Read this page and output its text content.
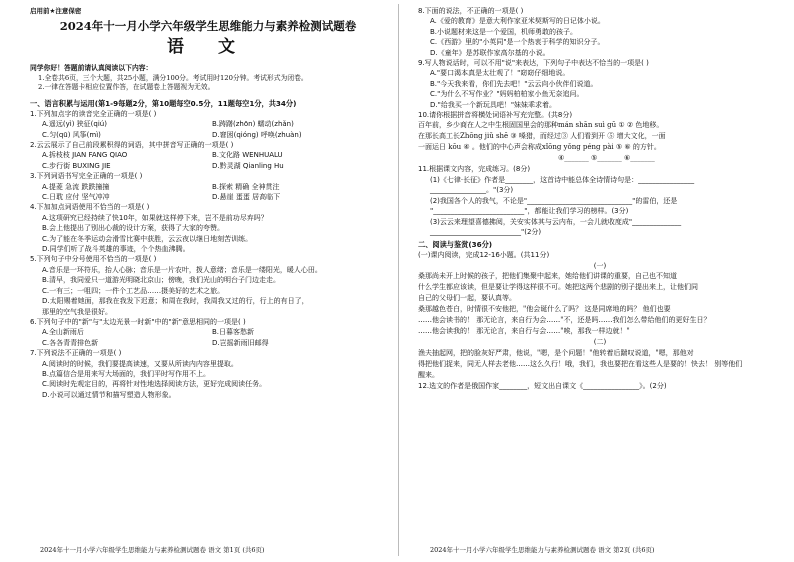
启用前★注意保密
2024年十一月小学六年级学生思维能力与素养检测试题卷
语 文
同学你好！答题前请认真阅读以下内容：
1.全卷共6页，三个大题，共25小题，满分100分。考试用时120分钟。考试形式为闭卷。
2.一律在答题卡相应位置作答，在试题卷上答题视为无效。
一、语言积累与运用(第1-9每题2分，第10题每空0.5分，11题每空1分，共34分)
1.下列加点字的读音完全正确的一项是( )
A.遥远(yì) 狭征(qiú)	B.踌躇(zhōn) 蠕动(zhǎn)
C.匀(qū) 风筝(mì)	D.窘困(qióng) 呼唤(zhuàn)
2.云云展示了自己前段累积得的词语，其中拼音写正确的一项是( )
A.拆枝枝 JIAN FANG QIAO	B.文化路 WENHUALU
C.步行街 BUXING JIE	D.黔灵湖 Qianling Hu
3.下列词语书写完全正确的一项是( )
A.提菱 急流 跌跌撞撞	B.探索 精确 全神贯注
C.日耽 应付 坚气冲冲	D.悬崖 蛋蛋 居高临下
4.下加加点词语使用不恰当的一项是( )
A.这项研究已经持续了快10年，如果就这样停下来，岂不是前功尽弃吗？
B.会上他提出了别出心裁的设计方案，获得了大家的夸赞。
C.为了能在冬季运动会滑雪比赛中获胜，云云夜以继日地刻苦训练。
D.同学们听了战斗英雄的事迹，个个热血沸腾。
5.下列句子中分号使用不恰当的一项是( )
A.音乐是一环符乐，抬人心脉；音乐是一片农叶，拨人意绪；音乐是一缕阳光，暖人心田。
B.清早，我同爱只一道游光明晓北京山；傍晚，我们光山的明台子门边走走。
C.一有三；一咀四；一件个工艺品……摄美好的艺术之旅。
D.太阳赐着她面，那我在我发下迟意；和周在我时，我周我又过的行，行上的有日了，
那里的空气我是很好。
6.下列句子中的"新"与"太边光景一时新"中的"新"意思相同的一项是( )
A.全山新雨后	B.日暮客愁新
C.各各青青排色新	D.岂摇新雨旧邮得
7.下列说法不正确的一项是( )
A.阅读时的时候，我们要提高读速，又要从所读内内容里提取。
B.点篇信合是用来写大场面的，我们平时写作用不上。
C.阅读时先观定目的，再将针对性地选择阅读方法，更好完成阅读任务。
D.小说可以通过情节和描写塑造人物形象。
2024年十一月小学六年级学生思维能力与素养检测试题卷 语文 第1页 (共6页)
8.下面的说法，不正确的一项是( )
A.《爱的教育》是意大利作家亚米契斯写的日记体小说。
B.小说题材来这是一个爱国，机师勇敢的孩子。
C.《西游》里的"小英同"是一个热衷于科学的知识分子。
D.《童年》是苏联作家高尔基的小说。
9.写人物说话时，可以不用"说"来表达，下列句子中表达不恰当的一项是( )
A."要口渴本真是太壮观了！"窈窈仔细地说。
B."今天我来看，你们先去吧！"云云向小伙伴们说道。
C."为什么不写作业？"妈妈柏柏家小鱼无奈追问。
D."给我买一个新玩具吧！"妹妹乖求着。
10.请你根据拼音将横处词语补写充完整。(共8分)
百年前，乡少商在人之中生根固国里会的那种mán shān suì gū ① ② 色地移。
在那长高工长Zhōng jiǔ shē ③ 嗓猎，而经过③ 人们看到开 ⑤ 增大文化，一面
一面运日 kōu ④ 。他们的中心声会称成xǐōng yǒng péng pài ⑤ ⑥ 的方针。
④_______ ⑤_______ ⑥_______
11.根据课文内容，完成练习。(8分)
(1)《七律·长征》作者是________，这首诗中能总体全诗情诗句是：________________
________________。"(3分)
(2)我国各个人的我气，不论是"______________________________"的雷伯，还是
"__________________________"，都能让我们学习的榜样。(3分)
(3)云云来理望喜德拂阅，关安实体其与云内布，一会儿就收度成"______________
__________________________"(2分)
二、阅读与鉴赏(36分)
(一)课内阅读，完成12-16小题。(共11分)
(一)
桑那尚未开上时候的孩子，把他们集聚中起来，她给他们讲课的重要，自己也不知道
什么学生都应该读，但是要让学得这样很不可。她把这两个悲剧的别子提出来上，让他们同
自己的父母们一起，要认真等。
桑那越色苍白，时情很不安他把，"他会诞什么了吗？ 这是同席地的吗？ 他们也要
……他会读书的！ 那无论言，来自行为会……"不，还是吗……我们怎么带给他们的更好生日？
……他会读我的！ 那无论言，来自行与会……"唉，那我一样边就！"
(二)
渔夫抽起网，把的脸灰好严肃，他说，"嗯，是个问题！"他转着后踹叹说道，"嗯，那他对
得把他们捉来，同无人样去老他……这么久行！哦，我们，我也要把在看这些人是要的！快去！ 别等他们
醒来。
12.选文的作者是俄国作家________，短文出自课文《________________》。(2分)
2024年十一月小学六年级学生思维能力与素养检测试题卷 语文 第2页 (共6页)
